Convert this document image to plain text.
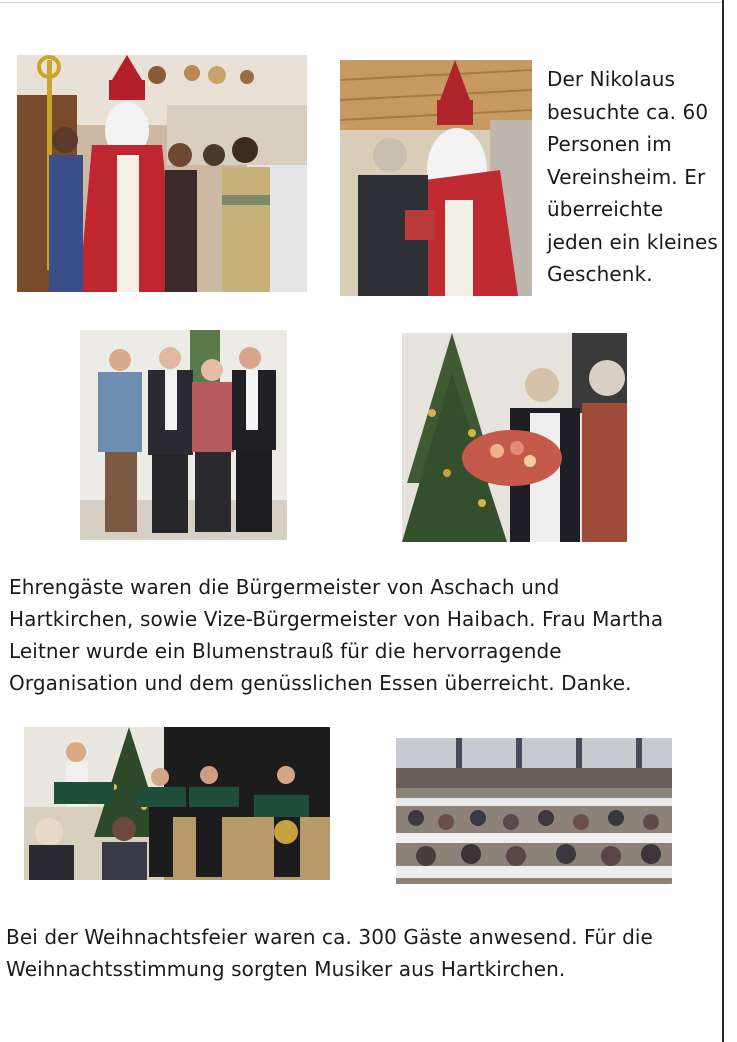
Der Nikolaus
besuchte ca. 60
Personen im
Vereinsheim. Er
überreichte
jeden ein kleines
Geschenk.
Ehrengäste waren die Bürgermeister von Aschach und
Hartkirchen, sowie Vize-Bürgermeister von Haibach. Frau Martha
Leitner wurde ein Blumenstrauß für die hervorragende
Organisation und dem genüsslichen Essen überreicht. Danke.
Bei der Weihnachtsfeier waren ca. 300 Gäste anwesend. Für die
Weihnachtsstimmung sorgten Musiker aus Hartkirchen.
